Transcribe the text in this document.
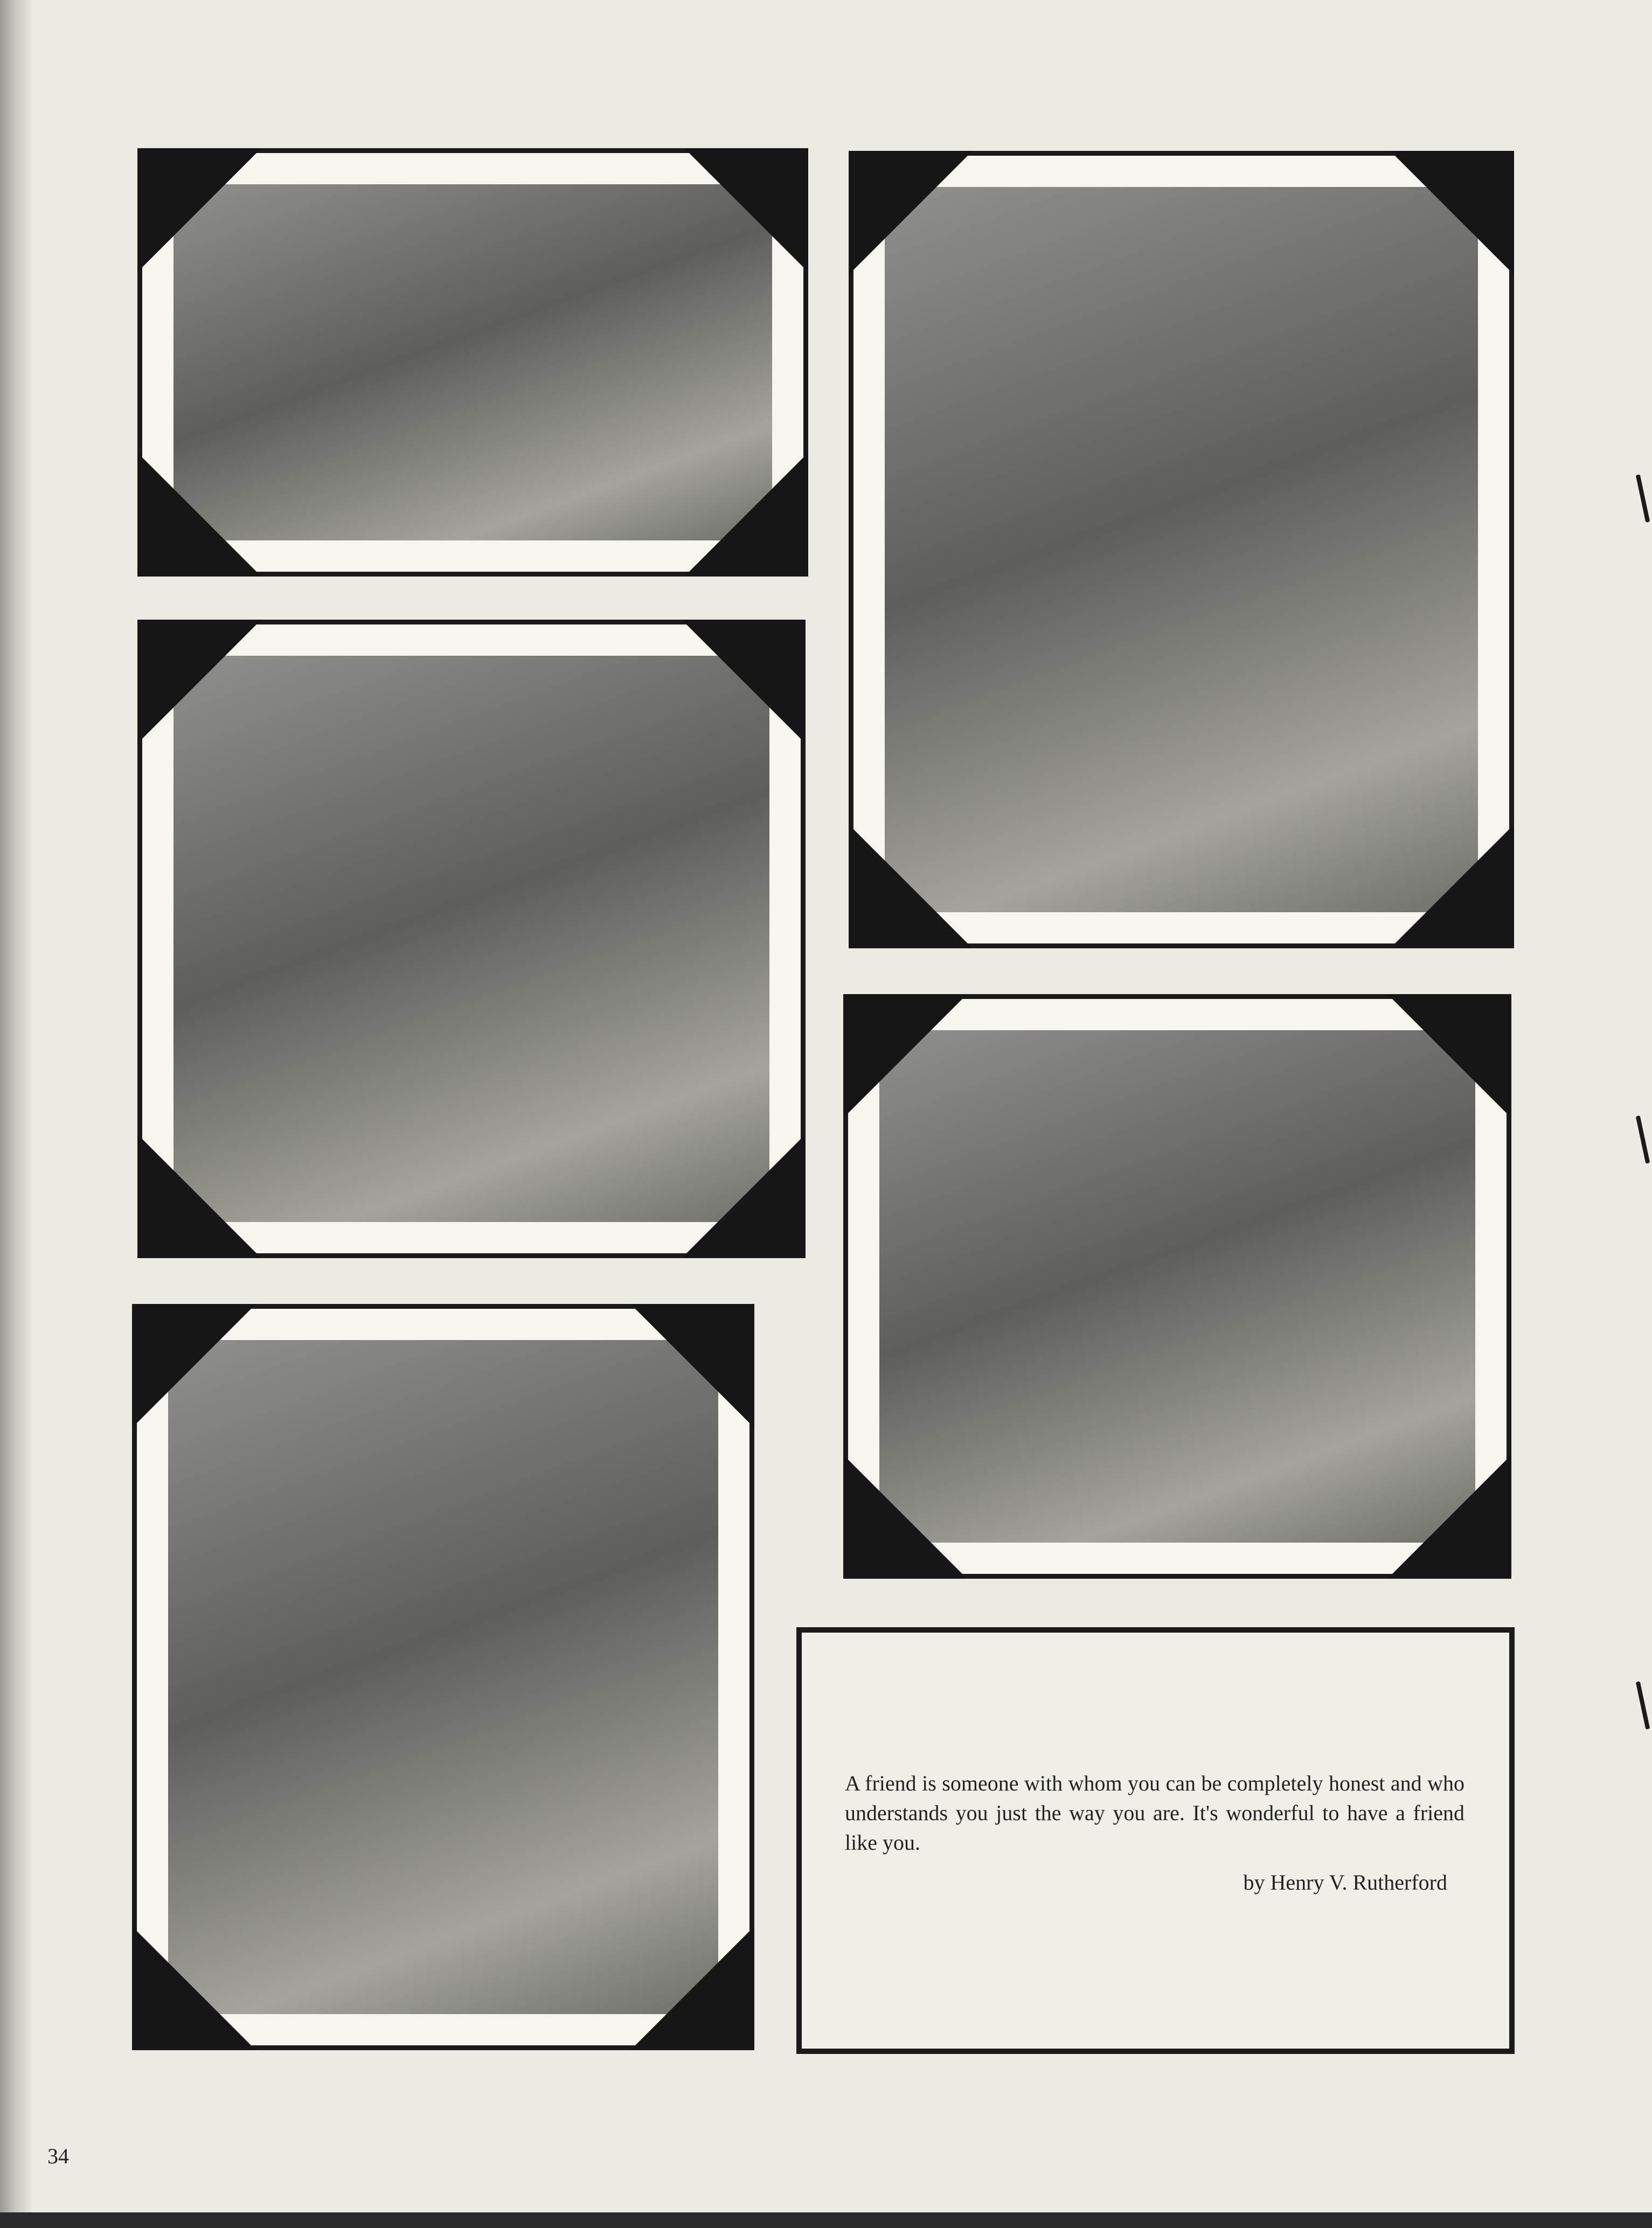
A friend is someone with whom you can be completely honest and who understands you just the way you are. It's wonderful to have a friend like you.

by Henry V. Rutherford

34
